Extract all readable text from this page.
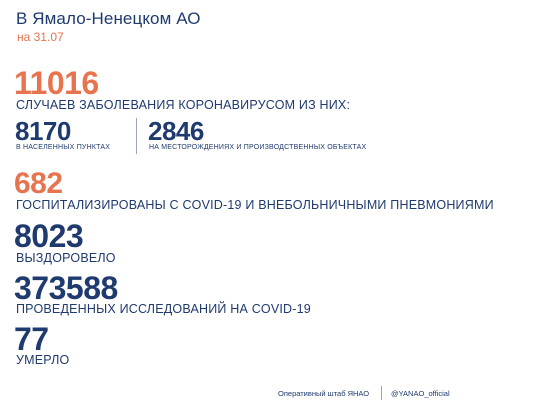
В Ямало-Ненецком АО
на 31.07
11016
СЛУЧАЕВ ЗАБОЛЕВАНИЯ КОРОНАВИРУСОМ ИЗ НИХ:
8170
В НАСЕЛЕННЫХ ПУНКТАХ
2846
НА МЕСТОРОЖДЕНИЯХ И ПРОИЗВОДСТВЕННЫХ ОБЪЕКТАХ
682
ГОСПИТАЛИЗИРОВАНЫ С COVID-19 И ВНЕБОЛЬНИЧНЫМИ ПНЕВМОНИЯМИ
8023
ВЫЗДОРОВЕЛО
373588
ПРОВЕДЕННЫХ ИССЛЕДОВАНИЙ НА COVID-19
77
УМЕРЛО
Оперативный штаб ЯНАО	@YANAO_official
